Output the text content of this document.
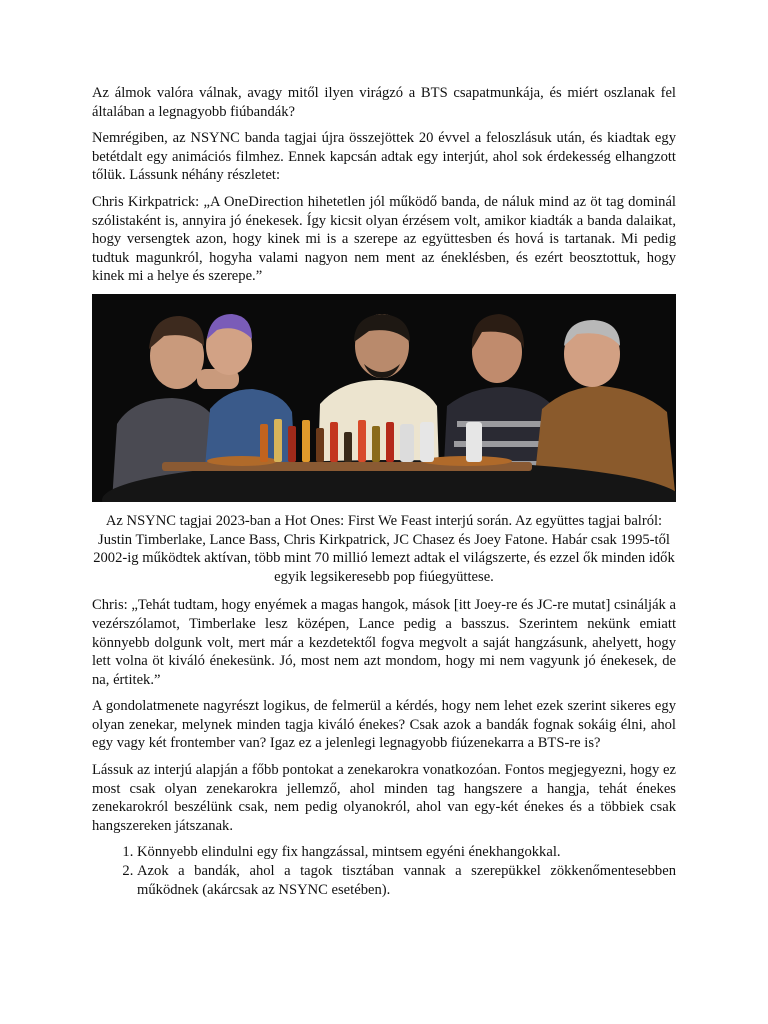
Az álmok valóra válnak, avagy mitől ilyen virágzó a BTS csapatmunkája, és miért oszlanak fel általában a legnagyobb fiúbandák?

Nemrégiben, az NSYNC banda tagjai újra összejöttek 20 évvel a feloszlásuk után, és kiadtak egy betétdalt egy animációs filmhez. Ennek kapcsán adtak egy interjút, ahol sok érdekesség elhangzott tőlük. Lássunk néhány részletet:

Chris Kirkpatrick: „A OneDirection hihetetlen jól működő banda, de náluk mind az öt tag dominál szólistaként is, annyira jó énekesek. Így kicsit olyan érzésem volt, amikor kiadták a banda dalaikat, hogy versengtek azon, hogy kinek mi is a szerepe az együttesben és hová is tartanak. Mi pedig tudtuk magunkról, hogyha valami nagyon nem ment az éneklésben, és ezért beosztottuk, hogy kinek mi a helye és szerepe.”

Az NSYNC tagjai 2023-ban a Hot Ones: First We Feast interjú során. Az együttes tagjai balról: Justin Timberlake, Lance Bass, Chris Kirkpatrick, JC Chasez és Joey Fatone. Habár csak 1995-től 2002-ig működtek aktívan, több mint 70 millió lemezt adtak el világszerte, és ezzel ők minden idők egyik legsikeresebb pop fiúegyüttese.

Chris: „Tehát tudtam, hogy enyémek a magas hangok, mások [itt Joey-re és JC-re mutat] csinálják a vezérszólamot, Timberlake lesz középen, Lance pedig a basszus. Szerintem nekünk emiatt könnyebb dolgunk volt, mert már a kezdetektől fogva megvolt a saját hangzásunk, ahelyett, hogy lett volna öt kiváló énekesünk. Jó, most nem azt mondom, hogy mi nem vagyunk jó énekesek, de na, értitek.”

A gondolatmenete nagyrészt logikus, de felmerül a kérdés, hogy nem lehet ezek szerint sikeres egy olyan zenekar, melynek minden tagja kiváló énekes? Csak azok a bandák fognak sokáig élni, ahol egy vagy két frontember van? Igaz ez a jelenlegi legnagyobb fiúzenekarra a BTS-re is?

Lássuk az interjú alapján a főbb pontokat a zenekarokra vonatkozóan. Fontos megjegyezni, hogy ez most csak olyan zenekarokra jellemző, ahol minden tag hangszere a hangja, tehát énekes zenekarokról beszélünk csak, nem pedig olyanokról, ahol van egy-két énekes és a többiek csak hangszereken játszanak.

1. Könnyebb elindulni egy fix hangzással, mintsem egyéni énekhangokkal.
2. Azok a bandák, ahol a tagok tisztában vannak a szerepükkel zökkenőmentesebben működnek (akárcsak az NSYNC esetében).
